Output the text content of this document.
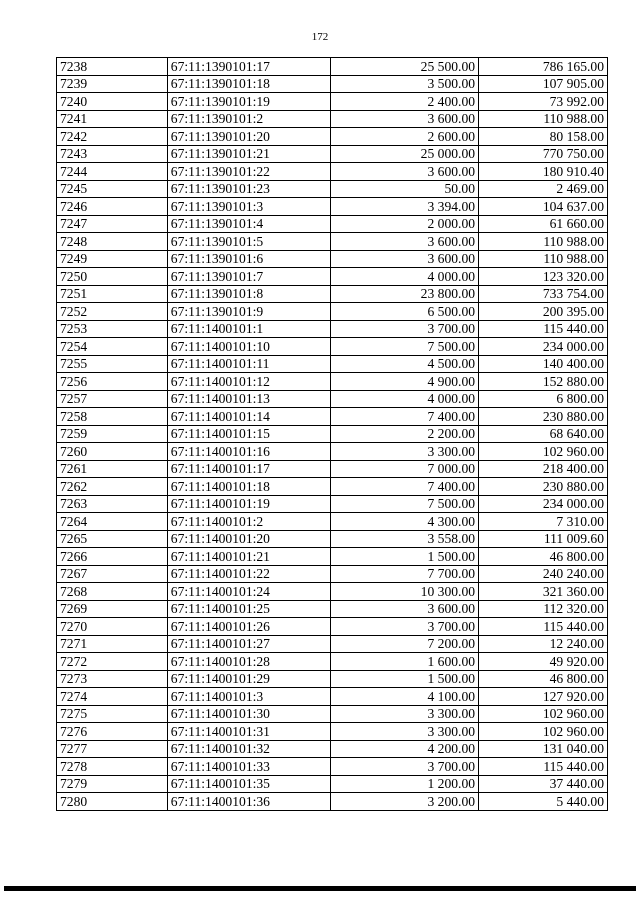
172
7238	67:11:1390101:17	25 500.00	786 165.00
7239	67:11:1390101:18	3 500.00	107 905.00
7240	67:11:1390101:19	2 400.00	73 992.00
7241	67:11:1390101:2	3 600.00	110 988.00
7242	67:11:1390101:20	2 600.00	80 158.00
7243	67:11:1390101:21	25 000.00	770 750.00
7244	67:11:1390101:22	3 600.00	180 910.40
7245	67:11:1390101:23	50.00	2 469.00
7246	67:11:1390101:3	3 394.00	104 637.00
7247	67:11:1390101:4	2 000.00	61 660.00
7248	67:11:1390101:5	3 600.00	110 988.00
7249	67:11:1390101:6	3 600.00	110 988.00
7250	67:11:1390101:7	4 000.00	123 320.00
7251	67:11:1390101:8	23 800.00	733 754.00
7252	67:11:1390101:9	6 500.00	200 395.00
7253	67:11:1400101:1	3 700.00	115 440.00
7254	67:11:1400101:10	7 500.00	234 000.00
7255	67:11:1400101:11	4 500.00	140 400.00
7256	67:11:1400101:12	4 900.00	152 880.00
7257	67:11:1400101:13	4 000.00	6 800.00
7258	67:11:1400101:14	7 400.00	230 880.00
7259	67:11:1400101:15	2 200.00	68 640.00
7260	67:11:1400101:16	3 300.00	102 960.00
7261	67:11:1400101:17	7 000.00	218 400.00
7262	67:11:1400101:18	7 400.00	230 880.00
7263	67:11:1400101:19	7 500.00	234 000.00
7264	67:11:1400101:2	4 300.00	7 310.00
7265	67:11:1400101:20	3 558.00	111 009.60
7266	67:11:1400101:21	1 500.00	46 800.00
7267	67:11:1400101:22	7 700.00	240 240.00
7268	67:11:1400101:24	10 300.00	321 360.00
7269	67:11:1400101:25	3 600.00	112 320.00
7270	67:11:1400101:26	3 700.00	115 440.00
7271	67:11:1400101:27	7 200.00	12 240.00
7272	67:11:1400101:28	1 600.00	49 920.00
7273	67:11:1400101:29	1 500.00	46 800.00
7274	67:11:1400101:3	4 100.00	127 920.00
7275	67:11:1400101:30	3 300.00	102 960.00
7276	67:11:1400101:31	3 300.00	102 960.00
7277	67:11:1400101:32	4 200.00	131 040.00
7278	67:11:1400101:33	3 700.00	115 440.00
7279	67:11:1400101:35	1 200.00	37 440.00
7280	67:11:1400101:36	3 200.00	5 440.00
